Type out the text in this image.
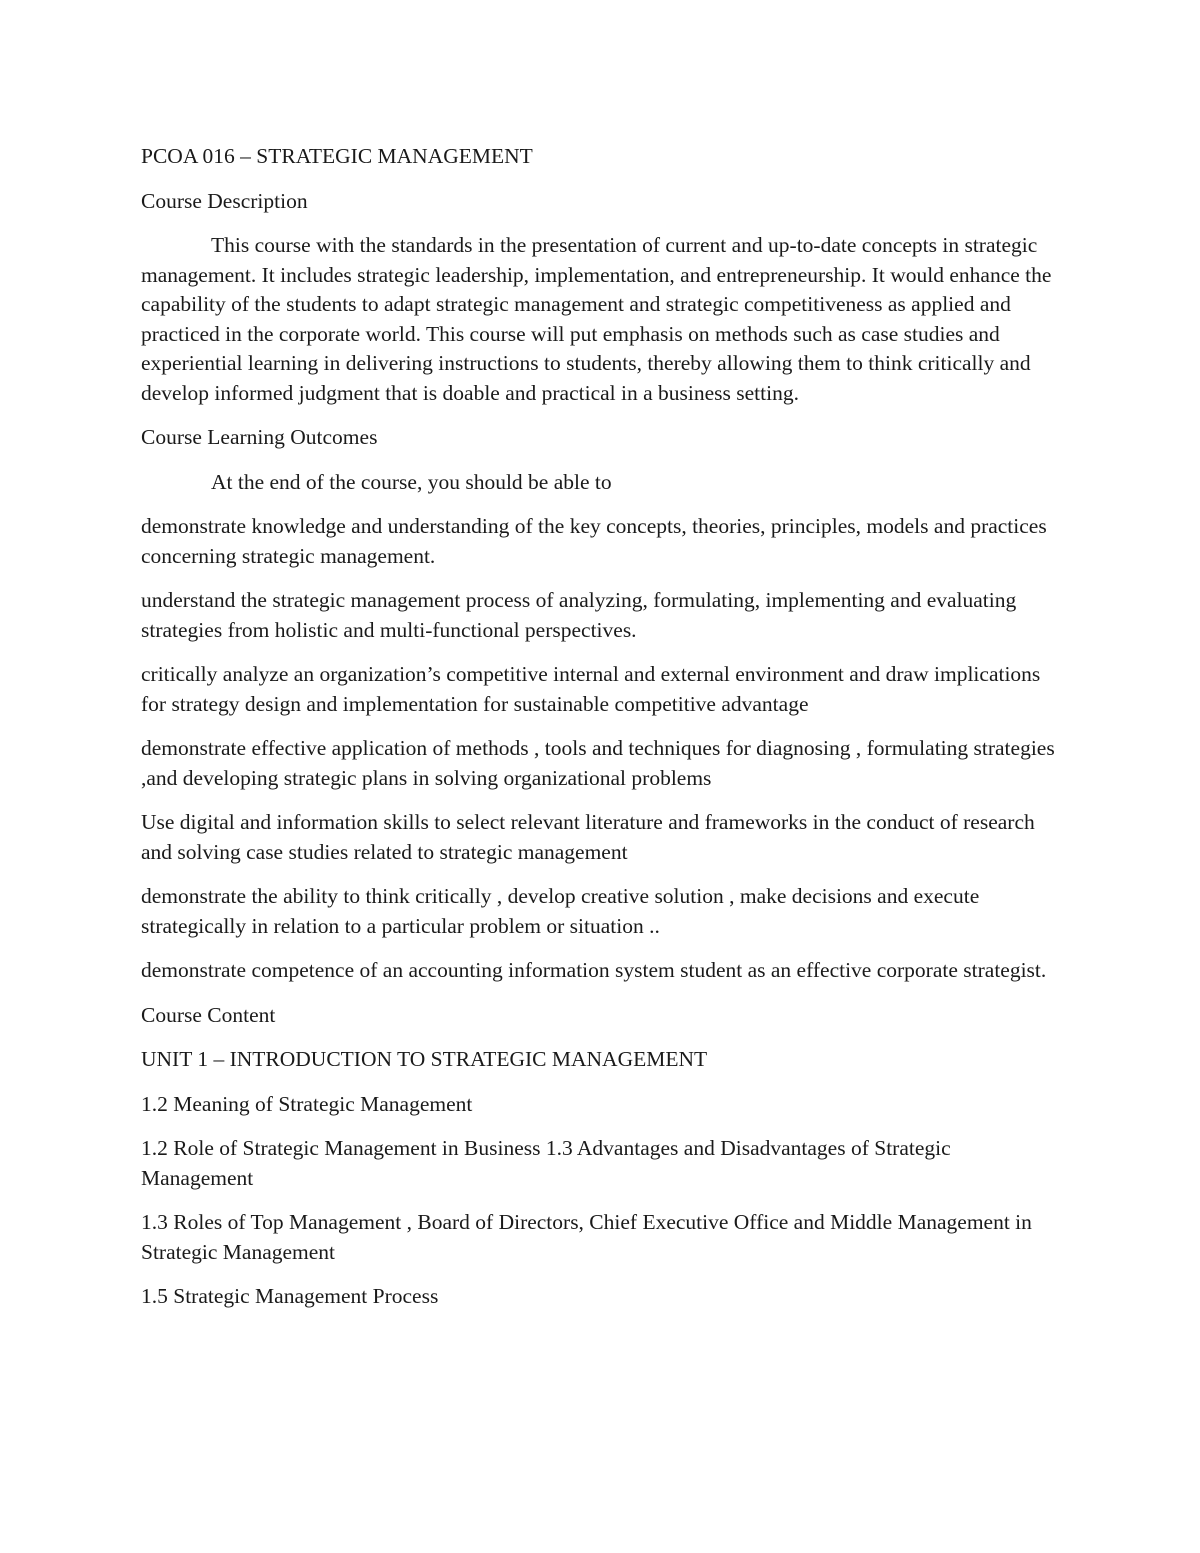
PCOA 016 – STRATEGIC MANAGEMENT

Course Description

This course with the standards in the presentation of current and up-to-date concepts in strategic management. It includes strategic leadership, implementation, and entrepreneurship. It would enhance the capability of the students to adapt strategic management and strategic competitiveness as applied and practiced in the corporate world. This course will put emphasis on methods such as case studies and experiential learning in delivering instructions to students, thereby allowing them to think critically and develop informed judgment that is doable and practical in a business setting.

Course Learning Outcomes

At the end of the course, you should be able to

demonstrate knowledge and understanding of the key concepts, theories, principles, models and practices concerning strategic management.

understand the strategic management process of analyzing, formulating, implementing and evaluating strategies from holistic and multi-functional perspectives.

critically analyze an organization’s competitive internal and external environment and draw implications for strategy design and implementation for sustainable competitive advantage

demonstrate effective application of methods , tools and techniques for diagnosing , formulating strategies ,and developing strategic plans in solving organizational problems

Use digital and information skills to select relevant literature and frameworks in the conduct of research and solving case studies related to strategic management

demonstrate the ability to think critically , develop creative solution , make decisions and execute strategically in relation to a particular problem or situation ..

demonstrate competence of an accounting information system student as an effective corporate strategist.

Course Content

UNIT 1 – INTRODUCTION TO STRATEGIC MANAGEMENT

1.2 Meaning of Strategic Management

1.2 Role of Strategic Management in Business 1.3 Advantages and Disadvantages of Strategic Management

1.3 Roles of Top Management , Board of Directors, Chief Executive Office and Middle Management in Strategic Management

1.5 Strategic Management Process
